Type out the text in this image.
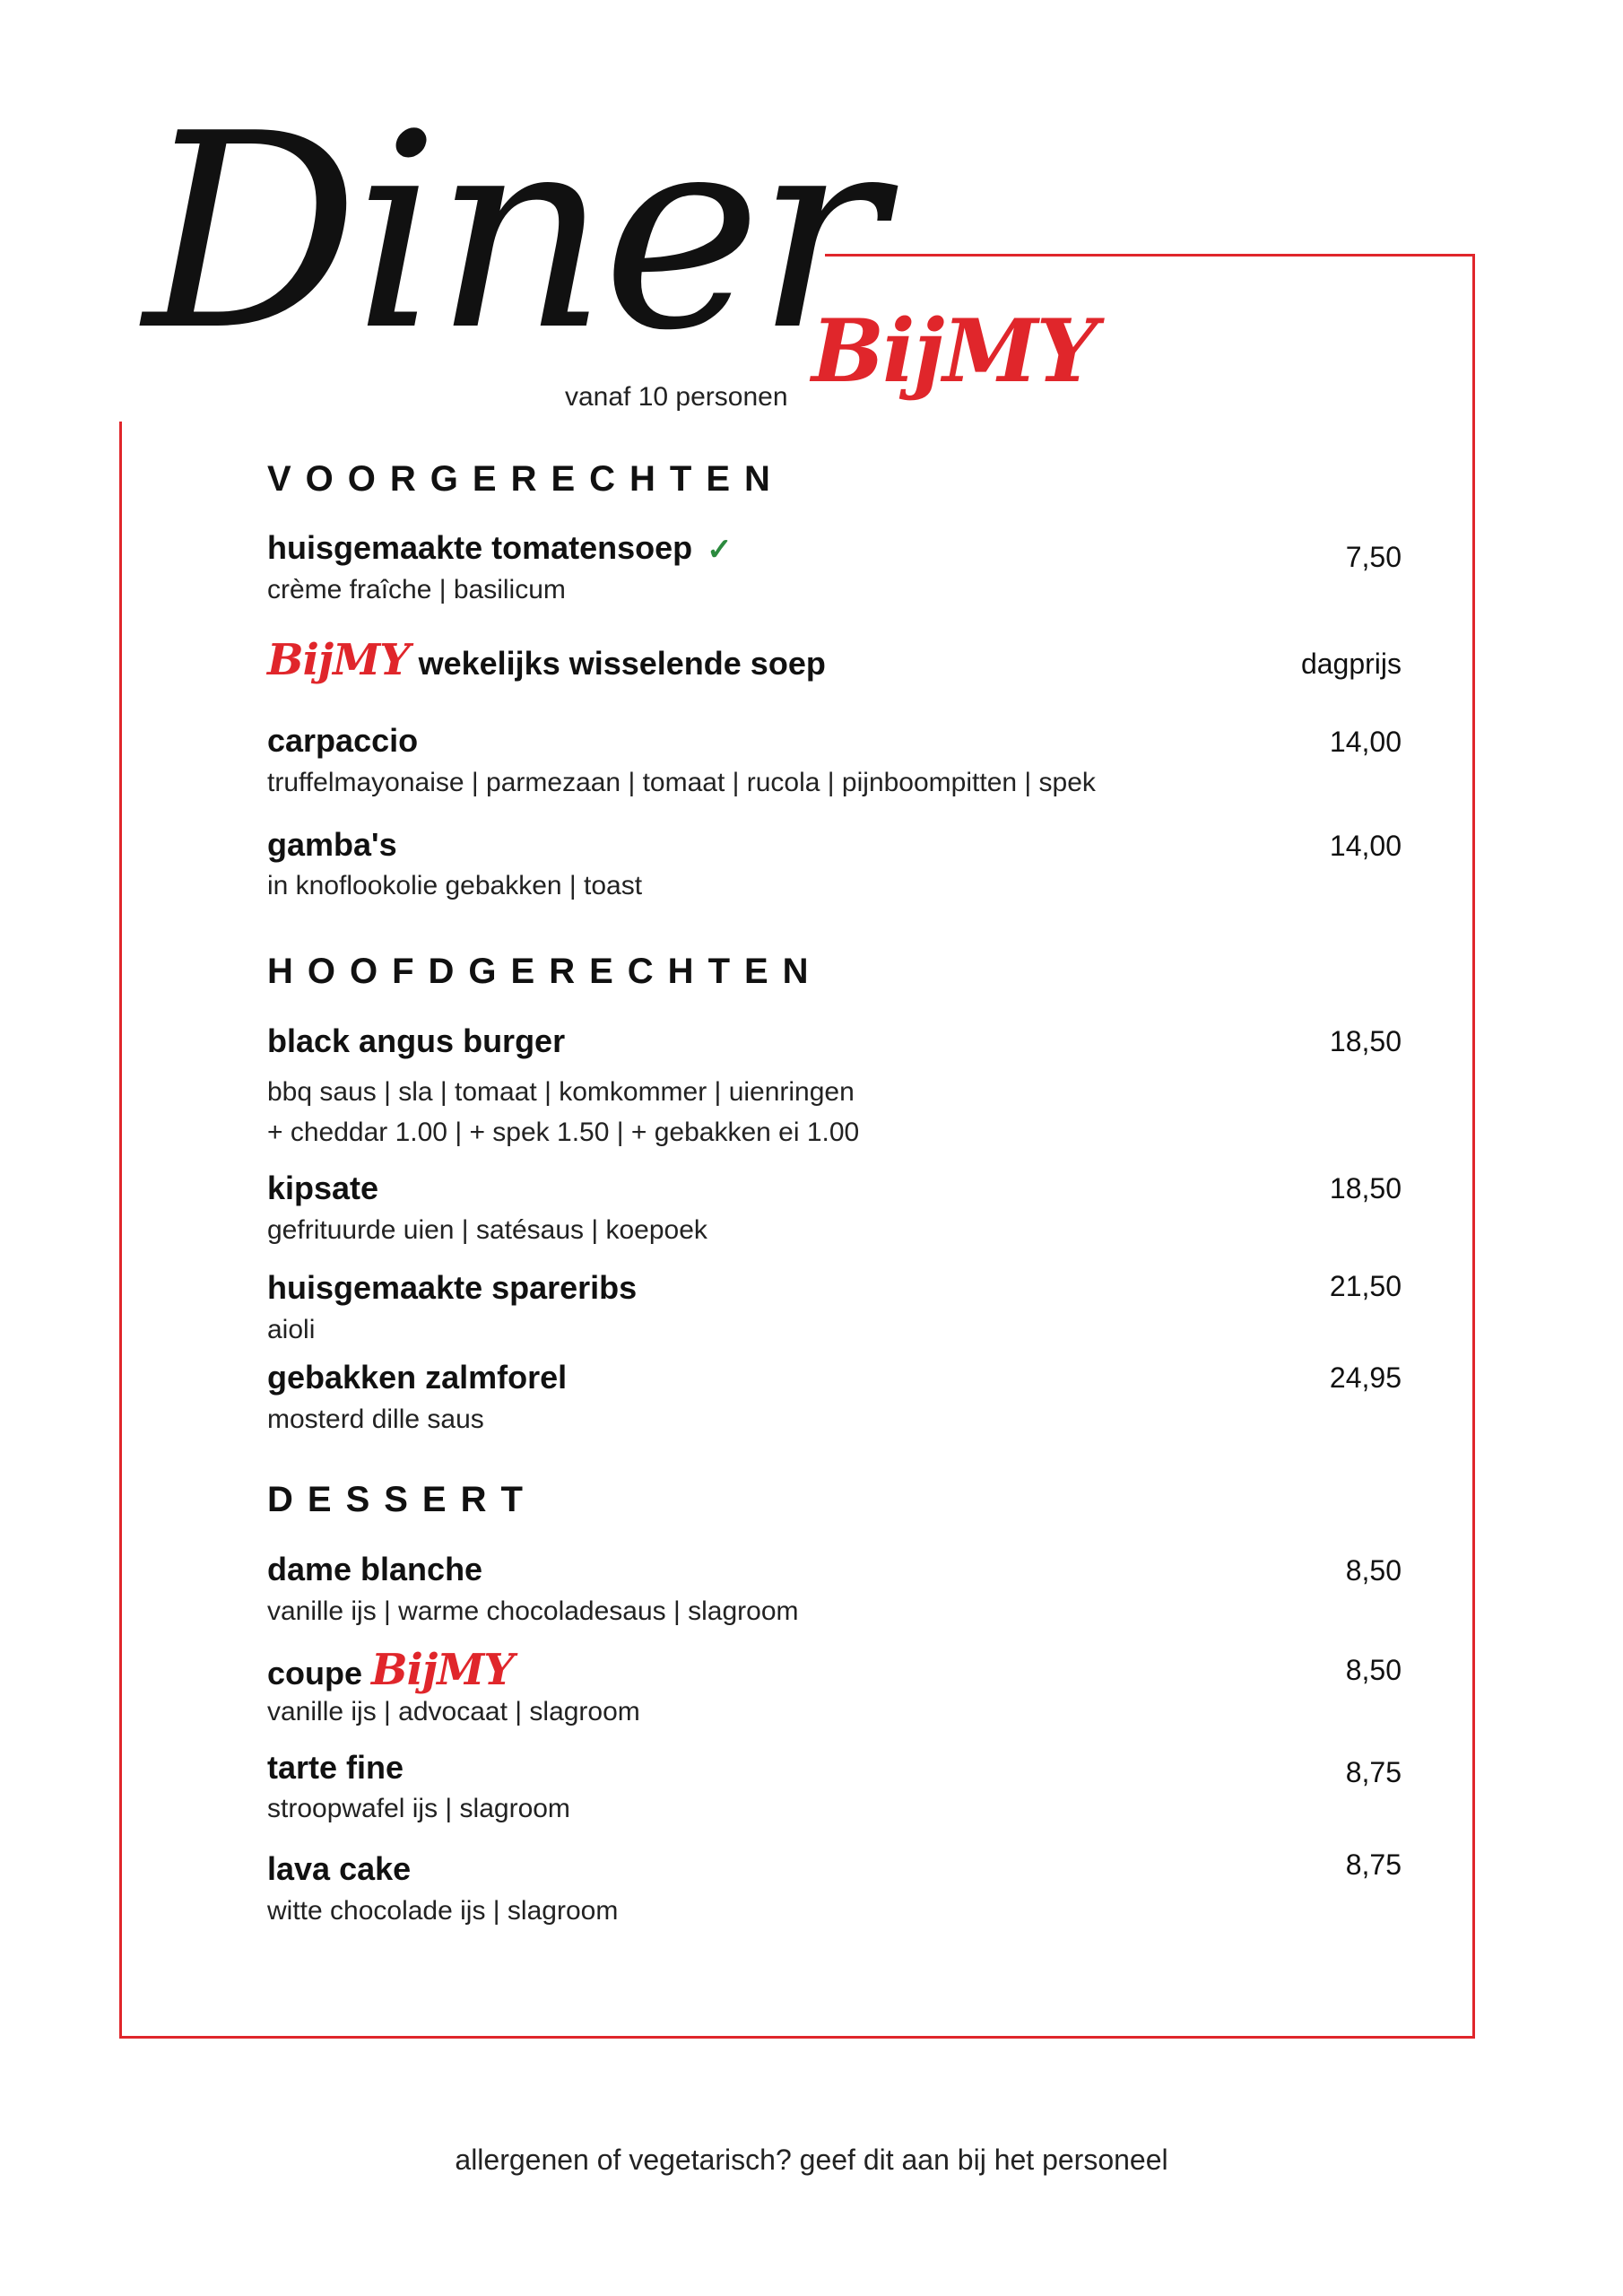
Diner
BijMY
vanaf 10 personen
VOORGERECHTEN
huisgemaakte tomatensoep ✓
crème fraîche | basilicum
7,50
BijMY wekelijks wisselende soep	dagprijs
carpaccio
truffelmayonaise | parmezaan | tomaat | rucola | pijnboompitten | spek
14,00
gamba's
in knoflookolie gebakken | toast
14,00
HOOFDGERECHTEN
black angus burger
bbq saus | sla | tomaat | komkommer | uienringen
+ cheddar 1.00 | + spek 1.50 | + gebakken ei 1.00
18,50
kipsate
gefrituurde uien | satésaus | koepoek
18,50
huisgemaakte spareribs
aioli
21,50
gebakken zalmforel
mosterd dille saus
24,95
DESSERT
dame blanche
vanille ijs | warme chocoladesaus | slagroom
8,50
coupe BijMY
vanille ijs | advocaat | slagroom
8,50
tarte fine
stroopwafel ijs | slagroom
8,75
lava cake
witte chocolade ijs | slagroom
8,75
allergenen of vegetarisch? geef dit aan bij het personeel
